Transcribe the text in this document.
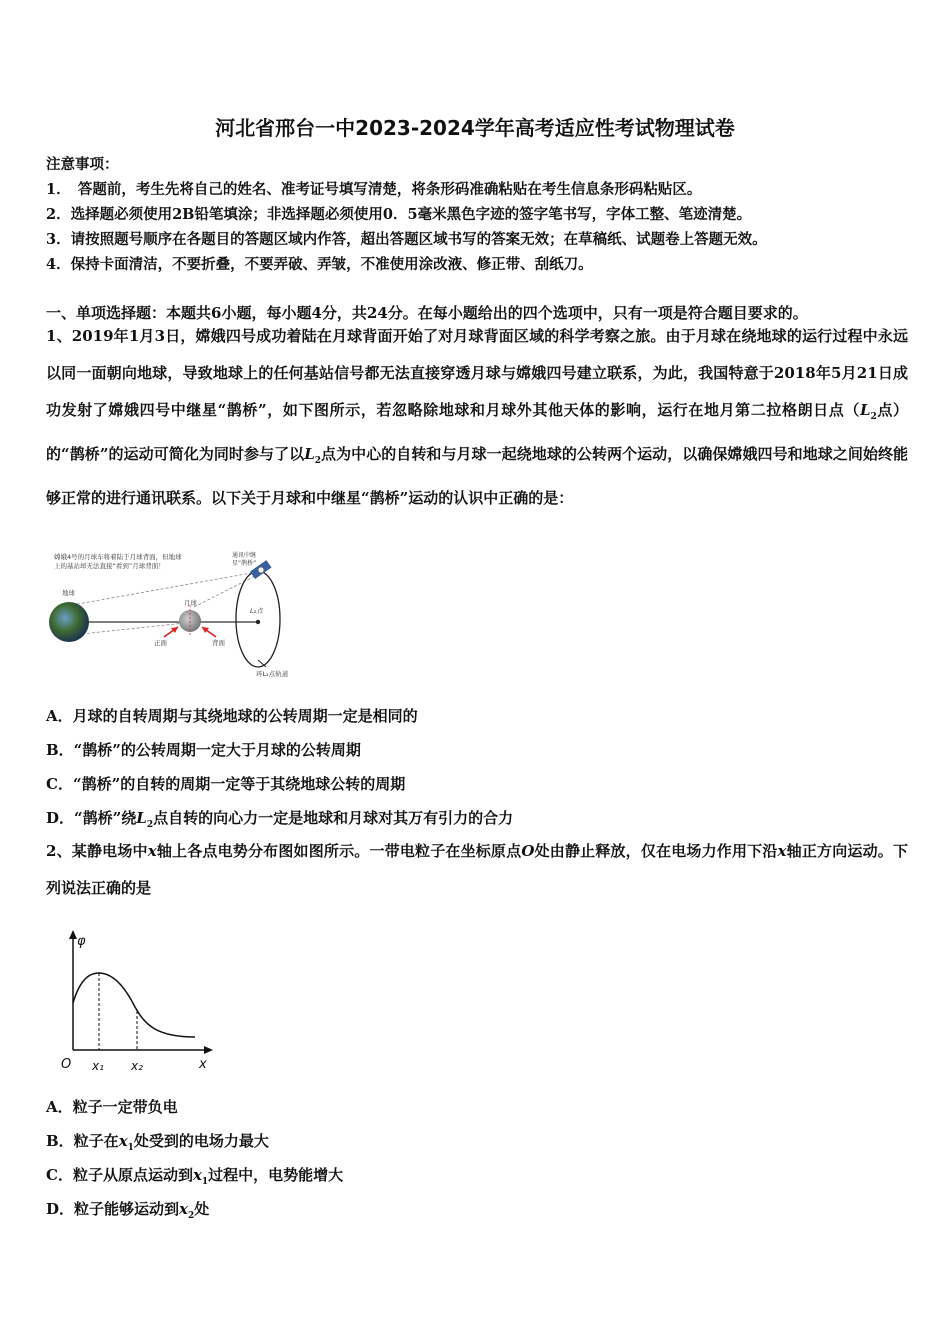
河北省邢台一中2023-2024学年高考适应性考试物理试卷
注意事项：
1．　答题前，考生先将自己的姓名、准考证号填写清楚，将条形码准确粘贴在考生信息条形码粘贴区。
2．选择题必须使用2B铅笔填涂；非选择题必须使用0．5毫米黑色字迹的签字笔书写，字体工整、笔迹清楚。
3．请按照题号顺序在各题目的答题区域内作答，超出答题区域书写的答案无效；在草稿纸、试题卷上答题无效。
4．保持卡面清洁，不要折叠，不要弄破、弄皱，不准使用涂改液、修正带、刮纸刀。
一、单项选择题：本题共6小题，每小题4分，共24分。在每小题给出的四个选项中，只有一项是符合题目要求的。
1、2019年1月3日，嫦娥四号成功着陆在月球背面开始了对月球背面区域的科学考察之旅。由于月球在绕地球的运行过程中永远以同一面朝向地球，导致地球上的任何基站信号都无法直接穿透月球与嫦娥四号建立联系，为此，我国特意于2018年5月21日成功发射了嫦娥四号中继星“鹊桥”，如下图所示，若忽略除地球和月球外其他天体的影响，运行在地月第二拉格朗日点（$L_2$点）的“鹊桥”的运动可简化为同时参与了以$L_2$点为中心的自转和与月球一起绕地球的公转两个运动，以确保嫦娥四号和地球之间始终能够正常的进行通讯联系。以下关于月球和中继星“鹊桥”运动的认识中正确的是：
嫦娥4号的月球车将着陆于月球背面，但地球
上的基站却无法直接“看到”月球背面！
地球
月球
正面	背面
L₂点
通讯中继
星“鹊桥”
环L₂点轨道
A．月球的自转周期与其绕地球的公转周期一定是相同的
B．“鹊桥”的公转周期一定大于月球的公转周期
C．“鹊桥”的自转的周期一定等于其绕地球公转的周期
D．“鹊桥”绕$L_2$点自转的向心力一定是地球和月球对其万有引力的合力
2、某静电场中x轴上各点电势分布图如图所示。一带电粒子在坐标原点O处由静止释放，仅在电场力作用下沿x轴正方向运动。下列说法正确的是
φ
O x₁ x₂	x
A．粒子一定带负电
B．粒子在$x_1$处受到的电场力最大
C．粒子从原点运动到$x_1$过程中，电势能增大
D．粒子能够运动到$x_2$处
